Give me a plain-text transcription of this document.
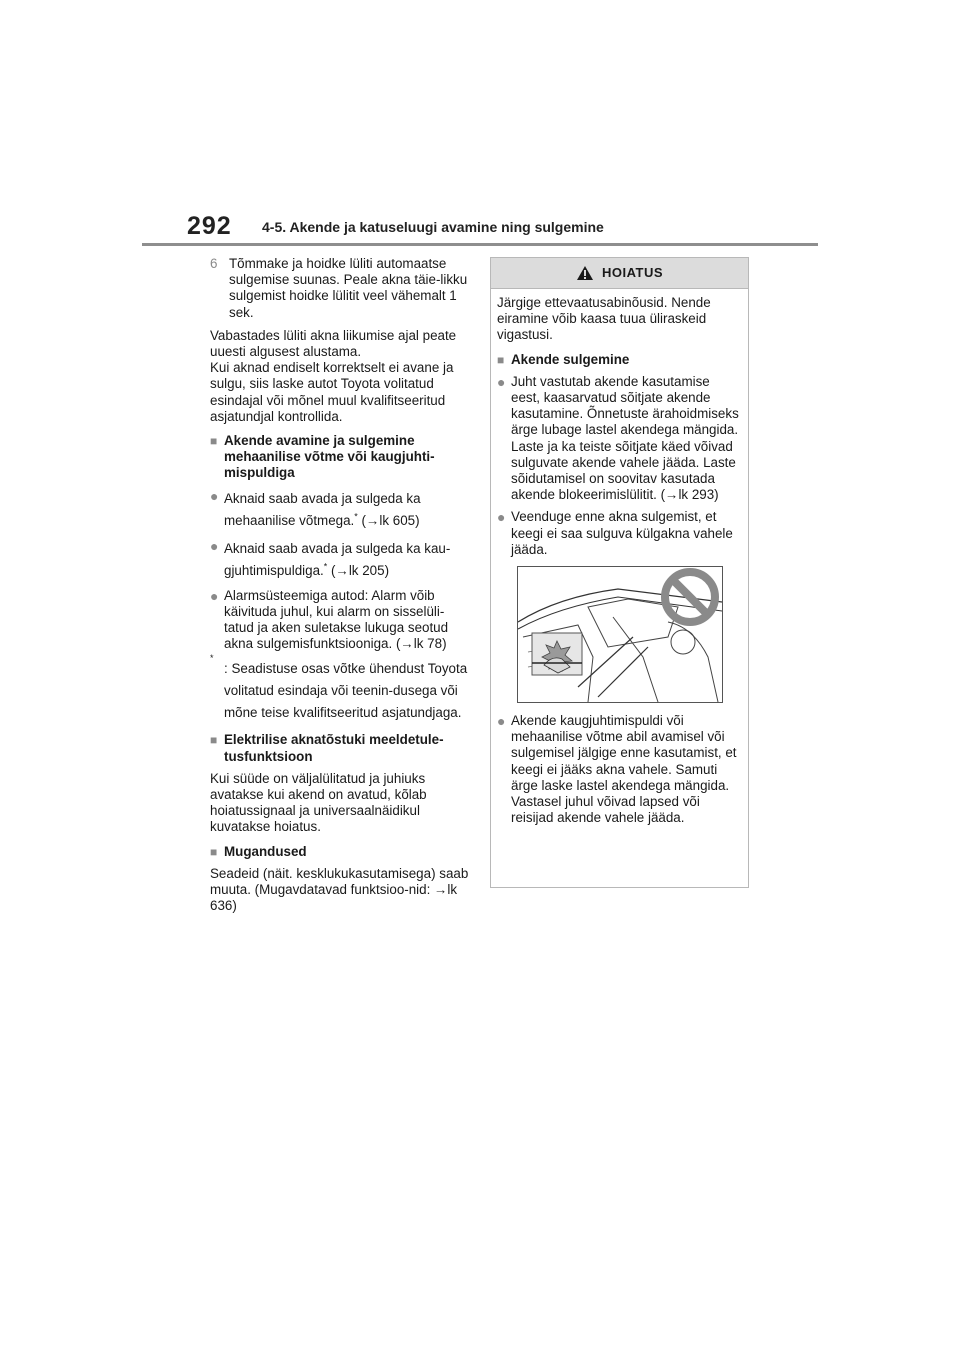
292 4-5. Akende ja katuseluugi avamine ning sulgemine
6 Tõmmake ja hoidke lüliti automaatse sulgemise suunas. Peale akna täie-likku sulgemist hoidke lülitit veel vähemalt 1 sek.

Vabastades lüliti akna liikumise ajal peate uuesti algusest alustama.

Kui aknad endiselt korrektselt ei avane ja sulgu, siis laske autot Toyota volitatud esindajal või mõnel muul kvalifitseeritud asjatundjal kontrollida.

■ Akende avamine ja sulgemine mehaanilise võtme või kaugjuhti-mispuldiga
● Aknaid saab avada ja sulgeda ka mehaanilise võtmega.* (→lk 605)
● Aknaid saab avada ja sulgeda ka kau-gjuhtimispuldiga.* (→lk 205)
● Alarmsüsteemiga autod: Alarm võib käivituda juhul, kui alarm on sisselüli-tatud ja aken suletakse lukuga seotud akna sulgemisfunktsiooniga. (→lk 78)
*
: Seadistuse osas võtke ühendust Toyota volitatud esindaja või teenin-dusega või mõne teise kvalifitseeritud asjatundjaga.
■ Elektrilise aknatõstuki meeldetule-tusfunktsioon

Kui süüde on väljalülitatud ja juhiuks avatakse kui akend on avatud, kõlab hoiatussignaal ja universaalnäidikul kuvatakse hoiatus.

■ Mugandused

Seadeid (näit. kesklukukasutamisega) saab muuta. (Mugavdatavad funktsioo-nid: →lk 636)

HOIATUS

Järgige ettevaatusabinõusid. Nende eiramine võib kaasa tuua üliraskeid vigastusi.

■ Akende sulgemine
● Juht vastutab akende kasutamise eest, kaasarvatud sõitjate akende kasutamine. Õnnetuste ärahoidmiseks ärge lubage lastel akendega mängida. Laste ja ka teiste sõitjate käed võivad sulguvate akende vahele jääda. Laste sõidutamisel on soovitav kasutada akende blokeerimislülitit. (→lk 293)
● Veenduge enne akna sulgemist, et keegi ei saa sulguva külgakna vahele jääda.
● Akende kaugjuhtimispuldi või mehaanilise võtme abil avamisel või sulgemisel jälgige enne kasutamist, et keegi ei jääks akna vahele. Samuti ärge laske lastel akendega mängida. Vastasel juhul võivad lapsed või reisijad akende vahele jääda.
